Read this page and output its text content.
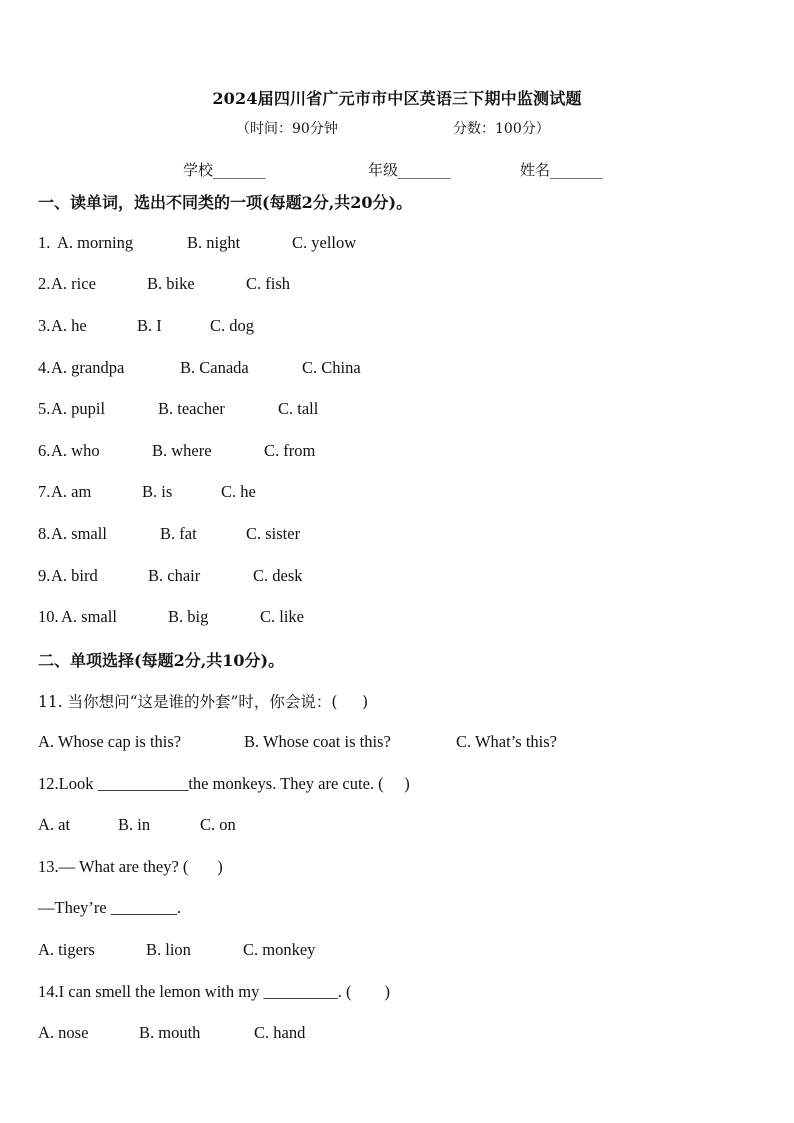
2024届四川省广元市市中区英语三下期中监测试题
（时间：90分钟	分数：100分）
学校_______	年级_______	姓名_______
一、读单词，选出不同类的一项(每题2分,共20分)。
1. A. morning	B. night	C. yellow
2. A. rice	B. bike	C. fish
3. A. he	B. I	C. dog
4. A. grandpa	B. Canada	C. China
5. A. pupil	B. teacher	C. tall
6. A. who	B. where	C. from
7. A. am	B. is	C. he
8. A. small	B. fat	C. sister
9. A. bird	B. chair	C. desk
10. A. small	B. big	C. like
二、单项选择(每题2分,共10分)。
11. 当你想问“这是谁的外套”时，你会说：(     )
A. Whose cap is this?	B. Whose coat is this?	C. What’s this?
12.Look ___________the monkeys. They are cute. (     )
A. at	B. in	C. on
13.— What are they? (       )
—They’re ________.
A. tigers	B. lion	C. monkey
14.I can smell the lemon with my _________. (        )
A. nose	B. mouth	C. hand
